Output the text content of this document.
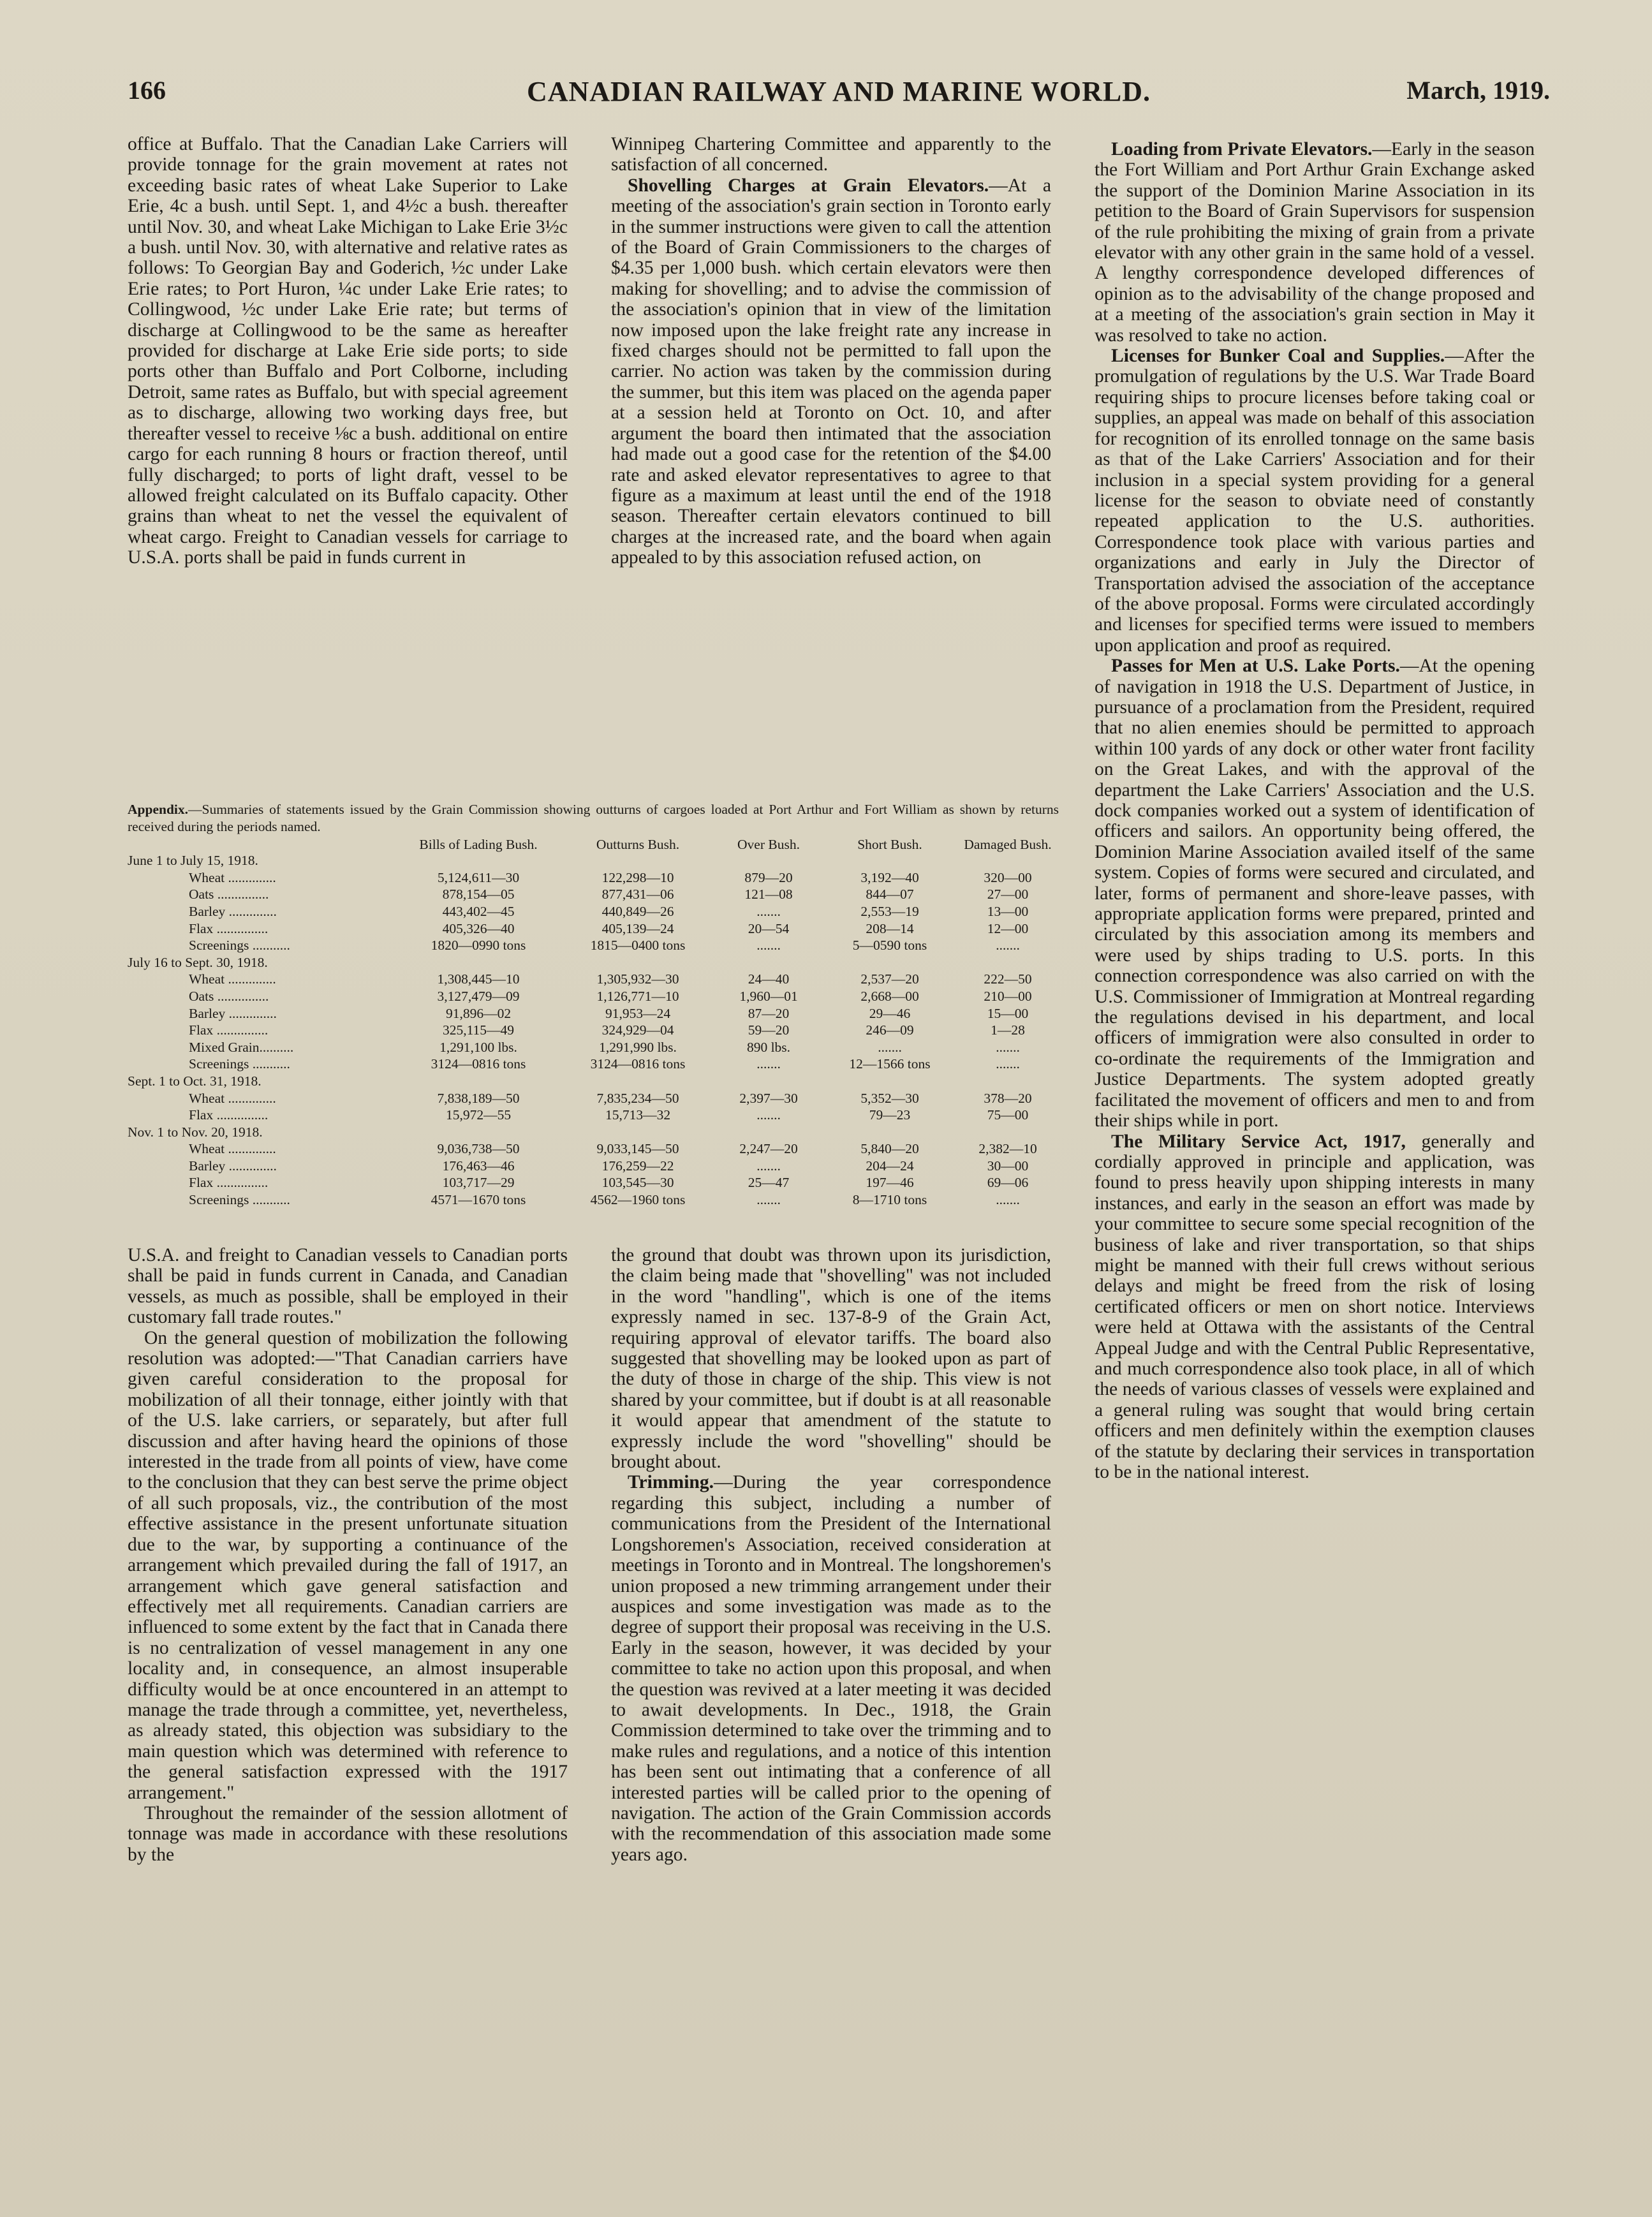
166	CANADIAN RAILWAY AND MARINE WORLD.	March, 1919.

office at Buffalo. That the Canadian Lake Carriers will provide tonnage for the grain movement at rates not exceeding basic rates of wheat Lake Superior to Lake Erie, 4c a bush. until Sept. 1, and 4½c a bush. thereafter until Nov. 30, and wheat Lake Michigan to Lake Erie 3½c a bush. until Nov. 30, with alternative and relative rates as follows: To Georgian Bay and Goderich, ½c under Lake Erie rates; to Port Huron, ¼c under Lake Erie rates; to Collingwood, ½c under Lake Erie rate; but terms of discharge at Collingwood to be the same as hereafter provided for discharge at Lake Erie side ports; to side ports other than Buffalo and Port Colborne, including Detroit, same rates as Buffalo, but with special agreement as to discharge, allowing two working days free, but thereafter vessel to receive ⅛c a bush. additional on entire cargo for each running 8 hours or fraction thereof, until fully discharged; to ports of light draft, vessel to be allowed freight calculated on its Buffalo capacity. Other grains than wheat to net the vessel the equivalent of wheat cargo. Freight to Canadian vessels for carriage to U.S.A. ports shall be paid in funds current in

Winnipeg Chartering Committee and apparently to the satisfaction of all concerned.

Shovelling Charges at Grain Elevators.—At a meeting of the association's grain section in Toronto early in the summer instructions were given to call the attention of the Board of Grain Commissioners to the charges of $4.35 per 1,000 bush. which certain elevators were then making for shovelling; and to advise the commission of the association's opinion that in view of the limitation now imposed upon the lake freight rate any increase in fixed charges should not be permitted to fall upon the carrier. No action was taken by the commission during the summer, but this item was placed on the agenda paper at a session held at Toronto on Oct. 10, and after argument the board then intimated that the association had made out a good case for the retention of the $4.00 rate and asked elevator representatives to agree to that figure as a maximum at least until the end of the 1918 season. Thereafter certain elevators continued to bill charges at the increased rate, and the board when again appealed to by this association refused action, on

Appendix.—Summaries of statements issued by the Grain Commission showing outturns of cargoes loaded at Port Arthur and Fort William as shown by returns received during the periods named.

	Bills of Lading Bush.	Outturns Bush.	Over Bush.	Short Bush.	Damaged Bush.
June 1 to July 15, 1918.					
Wheat ..............	5,124,611—30	122,298—10	879—20	3,192—40	320—00
Oats ...............	878,154—05	877,431—06	121—08	844—07	27—00
Barley ..............	443,402—45	440,849—26	.......	2,553—19	13—00
Flax ...............	405,326—40	405,139—24	20—54	208—14	12—00
Screenings ...........	1820—0990 tons	1815—0400 tons	.......	5—0590 tons	.......
July 16 to Sept. 30, 1918.					
Wheat ..............	1,308,445—10	1,305,932—30	24—40	2,537—20	222—50
Oats ...............	3,127,479—09	1,126,771—10	1,960—01	2,668—00	210—00
Barley ..............	91,896—02	91,953—24	87—20	29—46	15—00
Flax ...............	325,115—49	324,929—04	59—20	246—09	1—28
Mixed Grain..........	1,291,100 lbs.	1,291,990 lbs.	890 lbs.	.......	.......
Screenings ...........	3124—0816 tons	3124—0816 tons	.......	12—1566 tons	.......
Sept. 1 to Oct. 31, 1918.					
Wheat ..............	7,838,189—50	7,835,234—50	2,397—30	5,352—30	378—20
Flax ...............	15,972—55	15,713—32	.......	79—23	75—00
Nov. 1 to Nov. 20, 1918.					
Wheat ..............	9,036,738—50	9,033,145—50	2,247—20	5,840—20	2,382—10
Barley ..............	176,463—46	176,259—22	.......	204—24	30—00
Flax ...............	103,717—29	103,545—30	25—47	197—46	69—06
Screenings ...........	4571—1670 tons	4562—1960 tons	.......	8—1710 tons	.......

U.S.A. and freight to Canadian vessels to Canadian ports shall be paid in funds current in Canada, and Canadian vessels, as much as possible, shall be employed in their customary fall trade routes."

On the general question of mobilization the following resolution was adopted:—"That Canadian carriers have given careful consideration to the proposal for mobilization of all their tonnage, either jointly with that of the U.S. lake carriers, or separately, but after full discussion and after having heard the opinions of those interested in the trade from all points of view, have come to the conclusion that they can best serve the prime object of all such proposals, viz., the contribution of the most effective assistance in the present unfortunate situation due to the war, by supporting a continuance of the arrangement which prevailed during the fall of 1917, an arrangement which gave general satisfaction and effectively met all requirements. Canadian carriers are influenced to some extent by the fact that in Canada there is no centralization of vessel management in any one locality and, in consequence, an almost insuperable difficulty would be at once encountered in an attempt to manage the trade through a committee, yet, nevertheless, as already stated, this objection was subsidiary to the main question which was determined with reference to the general satisfaction expressed with the 1917 arrangement."

Throughout the remainder of the session allotment of tonnage was made in accordance with these resolutions by the

the ground that doubt was thrown upon its jurisdiction, the claim being made that "shovelling" was not included in the word "handling", which is one of the items expressly named in sec. 137-8-9 of the Grain Act, requiring approval of elevator tariffs. The board also suggested that shovelling may be looked upon as part of the duty of those in charge of the ship. This view is not shared by your committee, but if doubt is at all reasonable it would appear that amendment of the statute to expressly include the word "shovelling" should be brought about.

Trimming.—During the year correspondence regarding this subject, including a number of communications from the President of the International Longshoremen's Association, received consideration at meetings in Toronto and in Montreal. The longshoremen's union proposed a new trimming arrangement under their auspices and some investigation was made as to the degree of support their proposal was receiving in the U.S. Early in the season, however, it was decided by your committee to take no action upon this proposal, and when the question was revived at a later meeting it was decided to await developments. In Dec., 1918, the Grain Commission determined to take over the trimming and to make rules and regulations, and a notice of this intention has been sent out intimating that a conference of all interested parties will be called prior to the opening of navigation. The action of the Grain Commission accords with the recommendation of this association made some years ago.

Loading from Private Elevators.—Early in the season the Fort William and Port Arthur Grain Exchange asked the support of the Dominion Marine Association in its petition to the Board of Grain Supervisors for suspension of the rule prohibiting the mixing of grain from a private elevator with any other grain in the same hold of a vessel. A lengthy correspondence developed differences of opinion as to the advisability of the change proposed and at a meeting of the association's grain section in May it was resolved to take no action.

Licenses for Bunker Coal and Supplies.—After the promulgation of regulations by the U.S. War Trade Board requiring ships to procure licenses before taking coal or supplies, an appeal was made on behalf of this association for recognition of its enrolled tonnage on the same basis as that of the Lake Carriers' Association and for their inclusion in a special system providing for a general license for the season to obviate need of constantly repeated application to the U.S. authorities. Correspondence took place with various parties and organizations and early in July the Director of Transportation advised the association of the acceptance of the above proposal. Forms were circulated accordingly and licenses for specified terms were issued to members upon application and proof as required.

Passes for Men at U.S. Lake Ports.—At the opening of navigation in 1918 the U.S. Department of Justice, in pursuance of a proclamation from the President, required that no alien enemies should be permitted to approach within 100 yards of any dock or other water front facility on the Great Lakes, and with the approval of the department the Lake Carriers' Association and the U.S. dock companies worked out a system of identification of officers and sailors. An opportunity being offered, the Dominion Marine Association availed itself of the same system. Copies of forms were secured and circulated, and later, forms of permanent and shore-leave passes, with appropriate application forms were prepared, printed and circulated by this association among its members and were used by ships trading to U.S. ports. In this connection correspondence was also carried on with the U.S. Commissioner of Immigration at Montreal regarding the regulations devised in his department, and local officers of immigration were also consulted in order to co-ordinate the requirements of the Immigration and Justice Departments. The system adopted greatly facilitated the movement of officers and men to and from their ships while in port.

The Military Service Act, 1917, generally and cordially approved in principle and application, was found to press heavily upon shipping interests in many instances, and early in the season an effort was made by your committee to secure some special recognition of the business of lake and river transportation, so that ships might be manned with their full crews without serious delays and might be freed from the risk of losing certificated officers or men on short notice. Interviews were held at Ottawa with the assistants of the Central Appeal Judge and with the Central Public Representative, and much correspondence also took place, in all of which the needs of various classes of vessels were explained and a general ruling was sought that would bring certain officers and men definitely within the exemption clauses of the statute by declaring their services in transportation to be in the national interest.
